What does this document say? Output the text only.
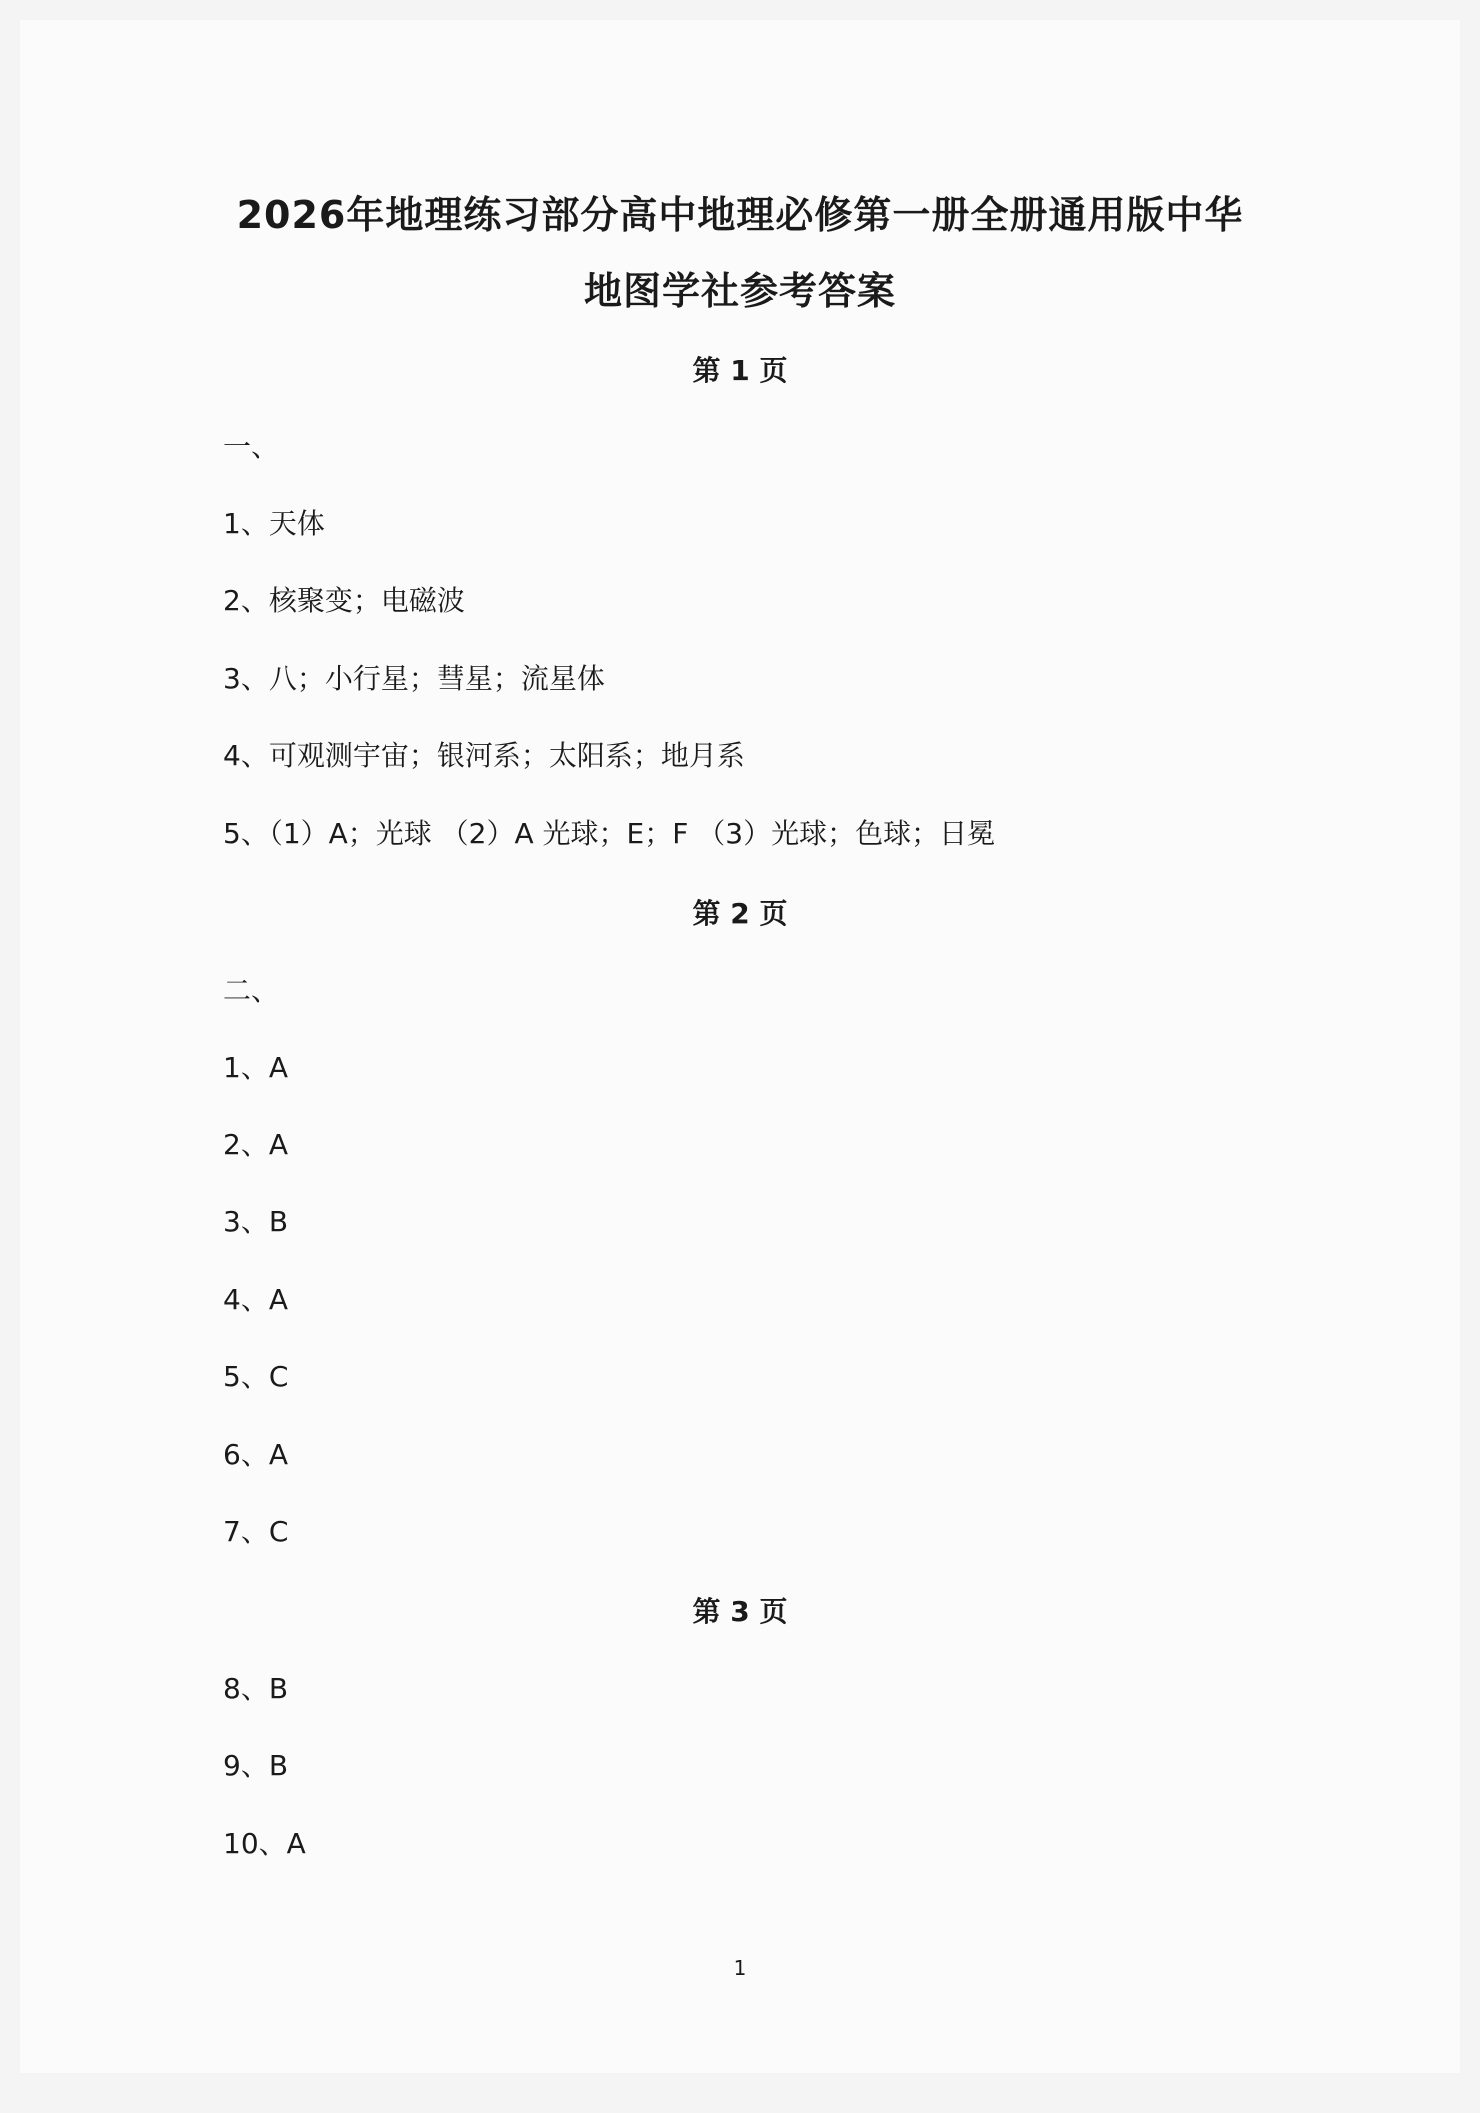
2026年地理练习部分高中地理必修第一册全册通用版中华
地图学社参考答案
第 1 页
一、
1、天体
2、核聚变；电磁波
3、八；小行星；彗星；流星体
4、可观测宇宙；银河系；太阳系；地月系
5、（1）A；光球 （2）A 光球；E；F （3）光球；色球；日冕
第 2 页
二、
1、A
2、A
3、B
4、A
5、C
6、A
7、C
第 3 页
8、B
9、B
10、A
1
